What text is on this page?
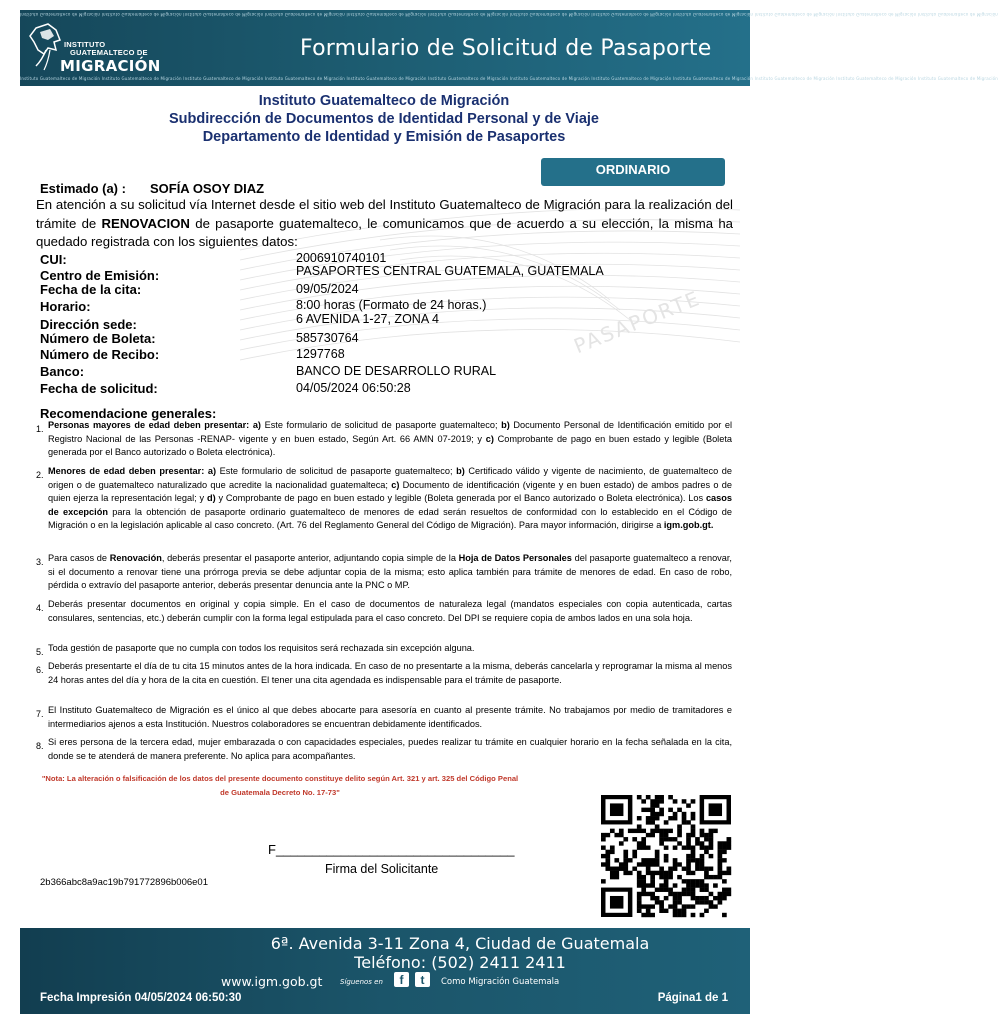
Instituto Guatemalteco de Migración Instituto Guatemalteco de Migración Instituto Guatemalteco de Migración Instituto Guatemalteco de Migración Instituto Guatemalteco de Migración Instituto Guatemalteco de Migración Instituto Guatemalteco de Migración Instituto Guatemalteco de Migración Instituto Guatemalteco de Migración Instituto Guatemalteco de Migración Instituto Guatemalteco de Migración Instituto Guatemalteco de Migración
INSTITUTO
GUATEMALTECO DE
MIGRACIÓN
Formulario de Solicitud de Pasaporte
Instituto Guatemalteco de Migración Instituto Guatemalteco de Migración Instituto Guatemalteco de Migración Instituto Guatemalteco de Migración Instituto Guatemalteco de Migración Instituto Guatemalteco de Migración Instituto Guatemalteco de Migración Instituto Guatemalteco de Migración Instituto Guatemalteco de Migración Instituto Guatemalteco de Migración Instituto Guatemalteco de Migración Instituto Guatemalteco de Migración
Instituto Guatemalteco de Migración
Subdirección de Documentos de Identidad Personal y de Viaje
Departamento de Identidad y Emisión de Pasaportes
ORDINARIO
PASAPORTE
Estimado (a) : SOFÍA OSOY DIAZ
En atención a su solicitud vía Internet desde el sitio web del Instituto Guatemalteco de Migración para la realización del trámite de RENOVACION de pasaporte guatemalteco, le comunicamos que de acuerdo a su elección, la misma ha quedado registrada con los siguientes datos:
CUI:	2006910740101
Centro de Emisión:	PASAPORTES CENTRAL GUATEMALA, GUATEMALA
Fecha de la cita:	09/05/2024
Horario:	8:00 horas (Formato de 24 horas.)
Dirección sede:	6 AVENIDA 1-27, ZONA 4
Número de Boleta:	585730764
Número de Recibo:	1297768
Banco:	BANCO DE DESARROLLO RURAL
Fecha de solicitud:	04/05/2024 06:50:28
Recomendacione generales:
1. Personas mayores de edad deben presentar: a) Este formulario de solicitud de pasaporte guatemalteco; b) Documento Personal de Identificación emitido por el Registro Nacional de las Personas -RENAP- vigente y en buen estado, Según Art. 66 AMN 07-2019; y c) Comprobante de pago en buen estado y legible (Boleta generada por el Banco autorizado o Boleta electrónica).
2. Menores de edad deben presentar: a) Este formulario de solicitud de pasaporte guatemalteco; b) Certificado válido y vigente de nacimiento, de guatemalteco de origen o de guatemalteco naturalizado que acredite la nacionalidad guatemalteca; c) Documento de identificación (vigente y en buen estado) de ambos padres o de quien ejerza la representación legal; y d) y Comprobante de pago en buen estado y legible (Boleta generada por el Banco autorizado o Boleta electrónica). Los casos de excepción para la obtención de pasaporte ordinario guatemalteco de menores de edad serán resueltos de conformidad con lo establecido en el Código de Migración o en la legislación aplicable al caso concreto. (Art. 76 del Reglamento General del Código de Migración). Para mayor información, dirigirse a igm.gob.gt.
3. Para casos de Renovación, deberás presentar el pasaporte anterior, adjuntando copia simple de la Hoja de Datos Personales del pasaporte guatemalteco a renovar, si el documento a renovar tiene una prórroga previa se debe adjuntar copia de la misma; esto aplica también para trámite de menores de edad. En caso de robo, pérdida o extravío del pasaporte anterior, deberás presentar denuncia ante la PNC o MP.
4. Deberás presentar documentos en original y copia simple. En el caso de documentos de naturaleza legal (mandatos especiales con copia autenticada, cartas consulares, sentencias, etc.) deberán cumplir con la forma legal estipulada para el caso concreto. Del DPI se requiere copia de ambos lados en una sola hoja.
5. Toda gestión de pasaporte que no cumpla con todos los requisitos será rechazada sin excepción alguna.
6. Deberás presentarte el día de tu cita 15 minutos antes de la hora indicada. En caso de no presentarte a la misma, deberás cancelarla y reprogramar la misma al menos 24 horas antes del día y hora de la cita en cuestión. El tener una cita agendada es indispensable para el trámite de pasaporte.
7. El Instituto Guatemalteco de Migración es el único al que debes abocarte para asesoría en cuanto al presente trámite. No trabajamos por medio de tramitadores e intermediarios ajenos a esta Institución. Nuestros colaboradores se encuentran debidamente identificados.
8. Si eres persona de la tercera edad, mujer embarazada o con capacidades especiales, puedes realizar tu trámite en cualquier horario en la fecha señalada en la cita, donde se te atenderá de manera preferente. No aplica para acompañantes.
"Nota: La alteración o falsificación de los datos del presente documento constituye delito según Art. 321 y art. 325 del Código Penal
de Guatemala Decreto No. 17-73"
F_________________________________
Firma del Solicitante
2b366abc8a9ac19b791772896b006e01
6ª. Avenida 3-11 Zona 4, Ciudad de Guatemala
Teléfono: (502) 2411 2411
www.igm.gob.gt	Síguenos en	f	t	Como Migración Guatemala
Fecha Impresión 04/05/2024 06:50:30	Página1 de 1
